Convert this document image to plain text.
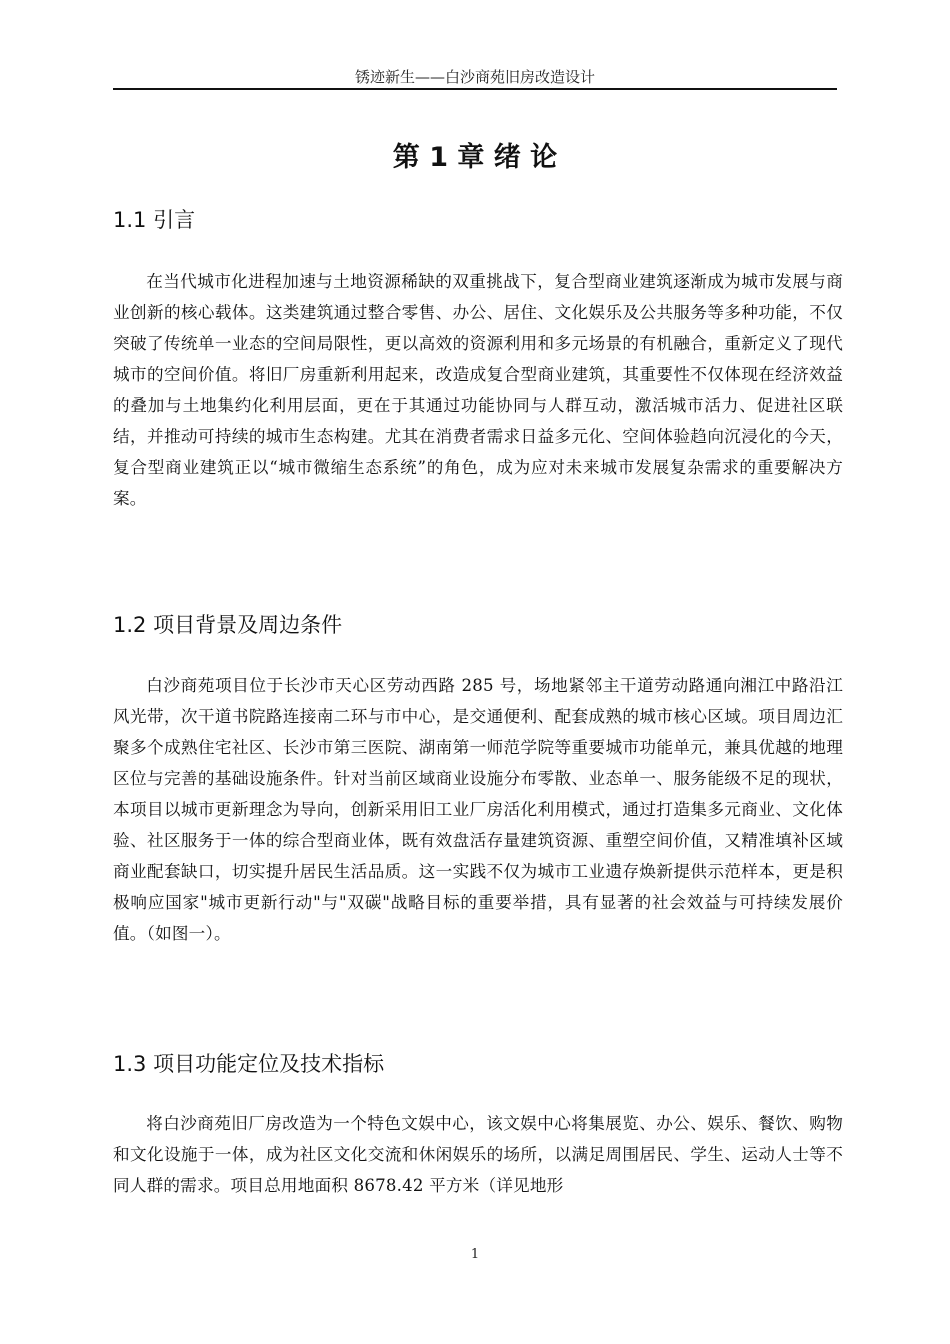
锈迹新生——白沙商苑旧房改造设计
第 1 章 绪 论
1.1 引言

在当代城市化进程加速与土地资源稀缺的双重挑战下，复合型商业建筑逐渐成为城市发展与商业创新的核心载体。这类建筑通过整合零售、办公、居住、文化娱乐及公共服务等多种功能，不仅突破了传统单一业态的空间局限性，更以高效的资源利用和多元场景的有机融合，重新定义了现代城市的空间价值。将旧厂房重新利用起来，改造成复合型商业建筑，其重要性不仅体现在经济效益的叠加与土地集约化利用层面，更在于其通过功能协同与人群互动，激活城市活力、促进社区联结，并推动可持续的城市生态构建。尤其在消费者需求日益多元化、空间体验趋向沉浸化的今天，复合型商业建筑正以“城市微缩生态系统”的角色，成为应对未来城市发展复杂需求的重要解决方案。

1.2 项目背景及周边条件

白沙商苑项目位于长沙市天心区劳动西路 285 号，场地紧邻主干道劳动路通向湘江中路沿江风光带，次干道书院路连接南二环与市中心，是交通便利、配套成熟的城市核心区域。项目周边汇聚多个成熟住宅社区、长沙市第三医院、湖南第一师范学院等重要城市功能单元，兼具优越的地理区位与完善的基础设施条件。针对当前区域商业设施分布零散、业态单一、服务能级不足的现状，本项目以城市更新理念为导向，创新采用旧工业厂房活化利用模式，通过打造集多元商业、文化体验、社区服务于一体的综合型商业体，既有效盘活存量建筑资源、重塑空间价值，又精准填补区域商业配套缺口，切实提升居民生活品质。这一实践不仅为城市工业遗存焕新提供示范样本，更是积极响应国家"城市更新行动"与"双碳"战略目标的重要举措，具有显著的社会效益与可持续发展价值。（如图一）。

1.3 项目功能定位及技术指标

将白沙商苑旧厂房改造为一个特色文娱中心，该文娱中心将集展览、办公、娱乐、餐饮、购物和文化设施于一体，成为社区文化交流和休闲娱乐的场所，以满足周围居民、学生、运动人士等不同人群的需求。项目总用地面积 8678.42 平方米（详见地形

1
